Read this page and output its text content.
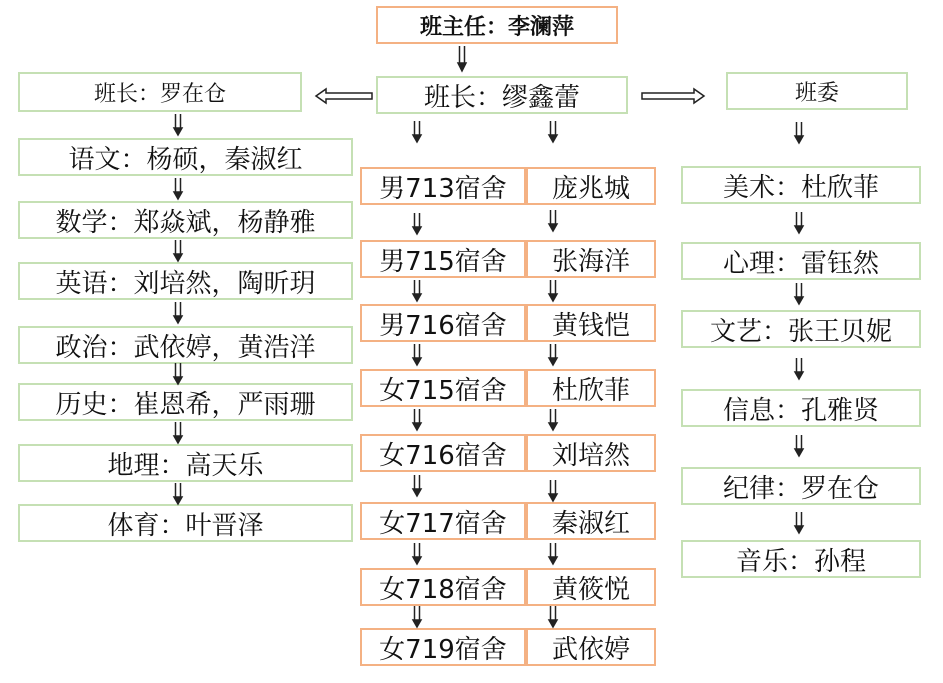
班主任：李澜萍
班长：罗在仓	班长：缪鑫蕾	班委
语文：杨硕，秦淑红
数学：郑焱斌，杨静雅
英语：刘培然，陶昕玥
政治：武依婷，黄浩洋
历史：崔恩希，严雨珊
地理：高天乐
体育：叶晋泽
男713宿舍	庞兆城
男715宿舍	张海洋
男716宿舍	黄钱恺
女715宿舍	杜欣菲
女716宿舍	刘培然
女717宿舍	秦淑红
女718宿舍	黄筱悦
女719宿舍	武依婷
美术：杜欣菲
心理：雷钰然
文艺：张王贝妮
信息：孔雅贤
纪律：罗在仓
音乐：孙程
